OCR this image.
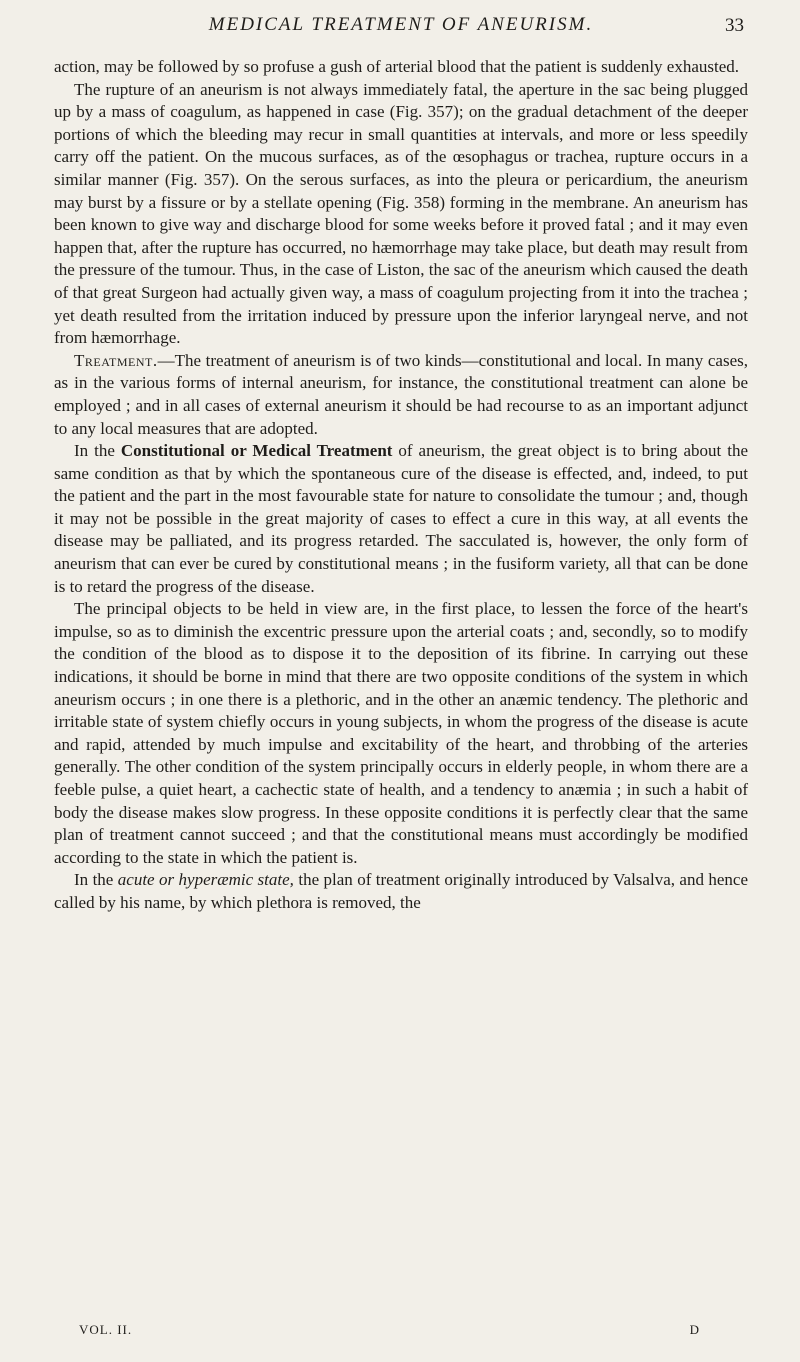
MEDICAL TREATMENT OF ANEURISM.	33

action, may be followed by so profuse a gush of arterial blood that the patient is suddenly exhausted.

The rupture of an aneurism is not always immediately fatal, the aperture in the sac being plugged up by a mass of coagulum, as happened in case (Fig. 357); on the gradual detachment of the deeper portions of which the bleeding may recur in small quantities at intervals, and more or less speedily carry off the patient. On the mucous surfaces, as of the œsophagus or trachea, rupture occurs in a similar manner (Fig. 357). On the serous surfaces, as into the pleura or pericardium, the aneurism may burst by a fissure or by a stellate opening (Fig. 358) forming in the membrane. An aneurism has been known to give way and discharge blood for some weeks before it proved fatal ; and it may even happen that, after the rupture has occurred, no hæmorrhage may take place, but death may result from the pressure of the tumour. Thus, in the case of Liston, the sac of the aneurism which caused the death of that great Surgeon had actually given way, a mass of coagulum projecting from it into the trachea ; yet death resulted from the irritation induced by pressure upon the inferior laryngeal nerve, and not from hæmorrhage.

Treatment.—The treatment of aneurism is of two kinds—constitutional and local. In many cases, as in the various forms of internal aneurism, for instance, the constitutional treatment can alone be employed ; and in all cases of external aneurism it should be had recourse to as an important adjunct to any local measures that are adopted.

In the Constitutional or Medical Treatment of aneurism, the great object is to bring about the same condition as that by which the spontaneous cure of the disease is effected, and, indeed, to put the patient and the part in the most favourable state for nature to consolidate the tumour ; and, though it may not be possible in the great majority of cases to effect a cure in this way, at all events the disease may be palliated, and its progress retarded. The sacculated is, however, the only form of aneurism that can ever be cured by constitutional means ; in the fusiform variety, all that can be done is to retard the progress of the disease.

The principal objects to be held in view are, in the first place, to lessen the force of the heart's impulse, so as to diminish the excentric pressure upon the arterial coats ; and, secondly, so to modify the condition of the blood as to dispose it to the deposition of its fibrine. In carrying out these indications, it should be borne in mind that there are two opposite conditions of the system in which aneurism occurs ; in one there is a plethoric, and in the other an anæmic tendency. The plethoric and irritable state of system chiefly occurs in young subjects, in whom the progress of the disease is acute and rapid, attended by much impulse and excitability of the heart, and throbbing of the arteries generally. The other condition of the system principally occurs in elderly people, in whom there are a feeble pulse, a quiet heart, a cachectic state of health, and a tendency to anæmia ; in such a habit of body the disease makes slow progress. In these opposite conditions it is perfectly clear that the same plan of treatment cannot succeed ; and that the constitutional means must accordingly be modified according to the state in which the patient is.

In the acute or hyperæmic state, the plan of treatment originally introduced by Valsalva, and hence called by his name, by which plethora is removed, the

VOL. II.	D
